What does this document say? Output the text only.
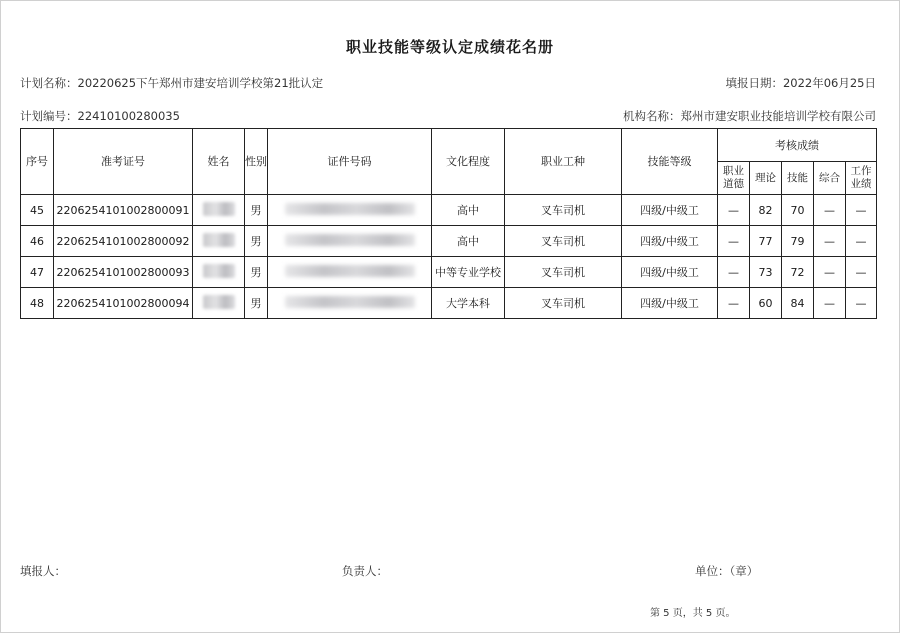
职业技能等级认定成绩花名册
计划名称：20220625下午郑州市建安培训学校第21批认定	填报日期：2022年06月25日
计划编号：22410100280035	机构名称：郑州市建安职业技能培训学校有限公司
序号	准考证号	姓名	性别	证件号码	文化程度	职业工种	技能等级	考核成绩				
								职业道德	理论	技能	综合	工作业绩
45	2206254101002800091		男		高中	叉车司机	四级/中级工	—	82	70	—	—
46	2206254101002800092		男		高中	叉车司机	四级/中级工	—	77	79	—	—
47	2206254101002800093		男		中等专业学校	叉车司机	四级/中级工	—	73	72	—	—
48	2206254101002800094		男		大学本科	叉车司机	四级/中级工	—	60	84	—	—
填报人：	负责人：	单位：（章）
第 5 页，共 5 页。
